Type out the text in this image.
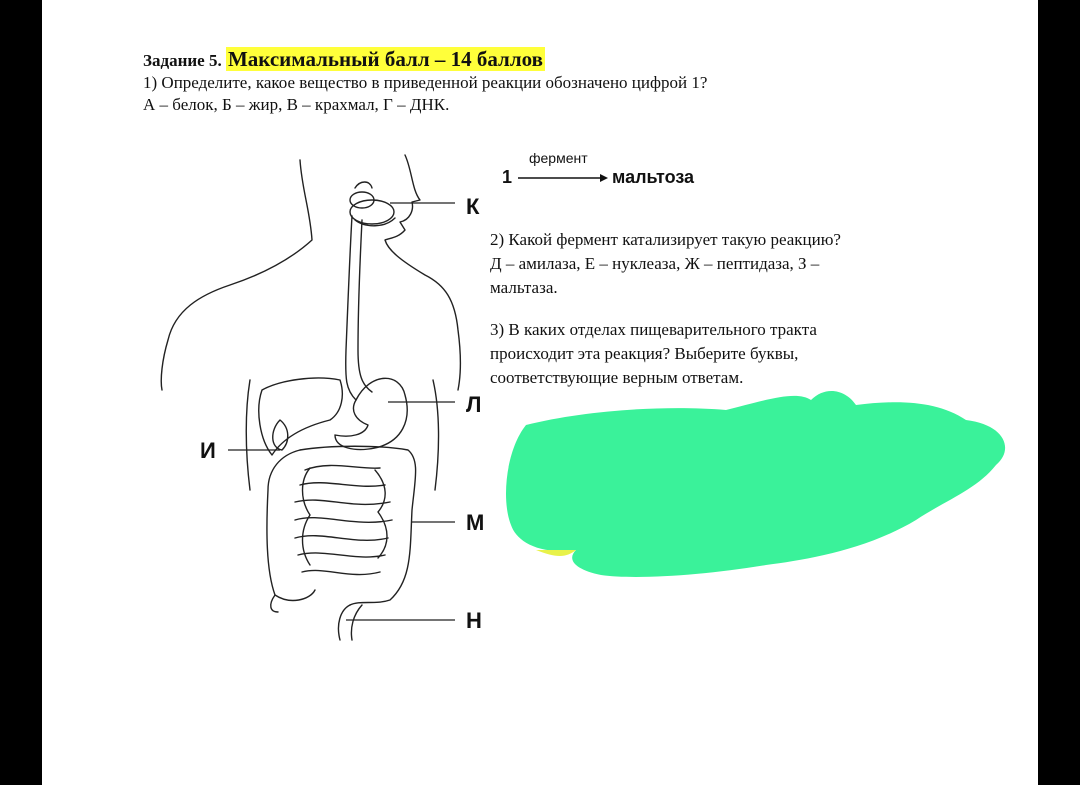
Задание 5. Максимальный балл – 14 баллов
1) Определите, какое вещество в приведенной реакции обозначено цифрой 1?
А – белок, Б – жир, В – крахмал, Г – ДНК.
фермент
1	мальтоза
2) Какой фермент катализирует такую реакцию?
Д – амилаза, Е – нуклеаза, Ж – пептидаза, З –
мальтаза.
3) В каких отделах пищеварительного тракта
происходит эта реакция? Выберите буквы,
соответствующие верным ответам.
К
Л
И
М
Н
